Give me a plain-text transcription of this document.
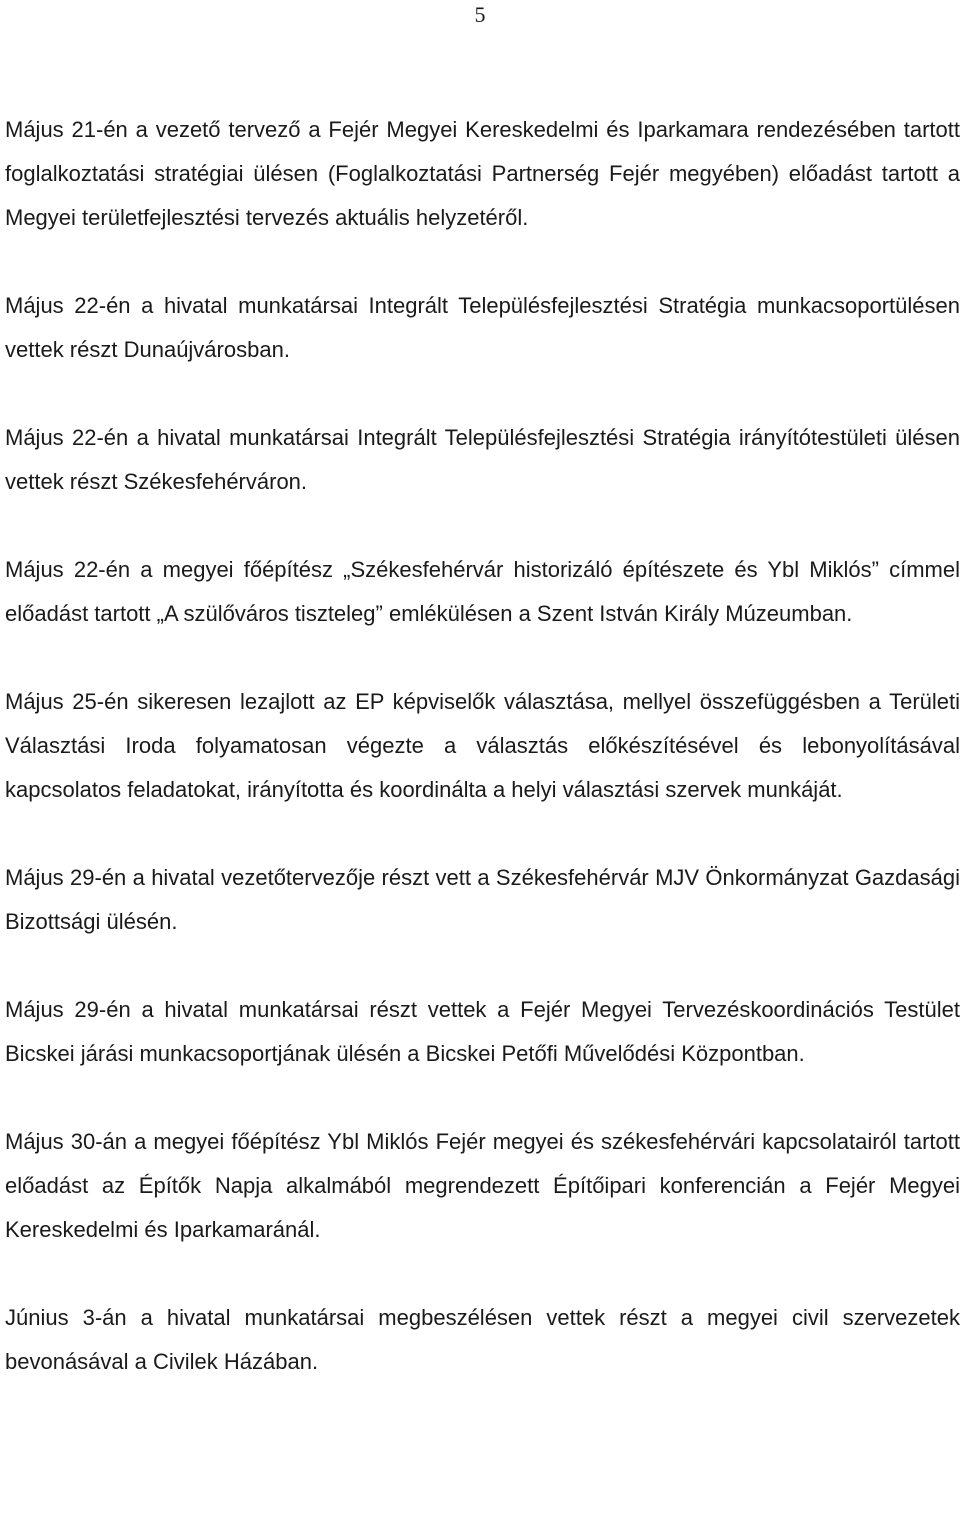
5

Május 21-én a vezető tervező a Fejér Megyei Kereskedelmi és Iparkamara rendezésében tartott foglalkoztatási stratégiai ülésen (Foglalkoztatási Partnerség Fejér megyében) előadást tartott a Megyei területfejlesztési tervezés aktuális helyzetéről.

Május 22-én a hivatal munkatársai Integrált Településfejlesztési Stratégia munkacsoportülésen vettek részt Dunaújvárosban.

Május 22-én a hivatal munkatársai Integrált Településfejlesztési Stratégia irányítótestületi ülésen vettek részt Székesfehérváron.

Május 22-én a megyei főépítész „Székesfehérvár historizáló építészete és Ybl Miklós” címmel előadást tartott „A szülőváros tiszteleg” emlékülésen a Szent István Király Múzeumban.

Május 25-én sikeresen lezajlott az EP képviselők választása, mellyel összefüggésben a Területi Választási Iroda folyamatosan végezte a választás előkészítésével és lebonyolításával kapcsolatos feladatokat, irányította és koordinálta a helyi választási szervek munkáját.

Május 29-én a hivatal vezetőtervezője részt vett a Székesfehérvár MJV Önkormányzat Gazdasági Bizottsági ülésén.

Május 29-én a hivatal munkatársai részt vettek a Fejér Megyei Tervezéskoordinációs Testület Bicskei járási munkacsoportjának ülésén a Bicskei Petőfi Művelődési Központban.

Május 30-án a megyei főépítész Ybl Miklós Fejér megyei és székesfehérvári kapcsolatairól tartott előadást az Építők Napja alkalmából megrendezett Építőipari konferencián a Fejér Megyei Kereskedelmi és Iparkamaránál.

Június 3-án a hivatal munkatársai megbeszélésen vettek részt a megyei civil szervezetek bevonásával a Civilek Házában.
